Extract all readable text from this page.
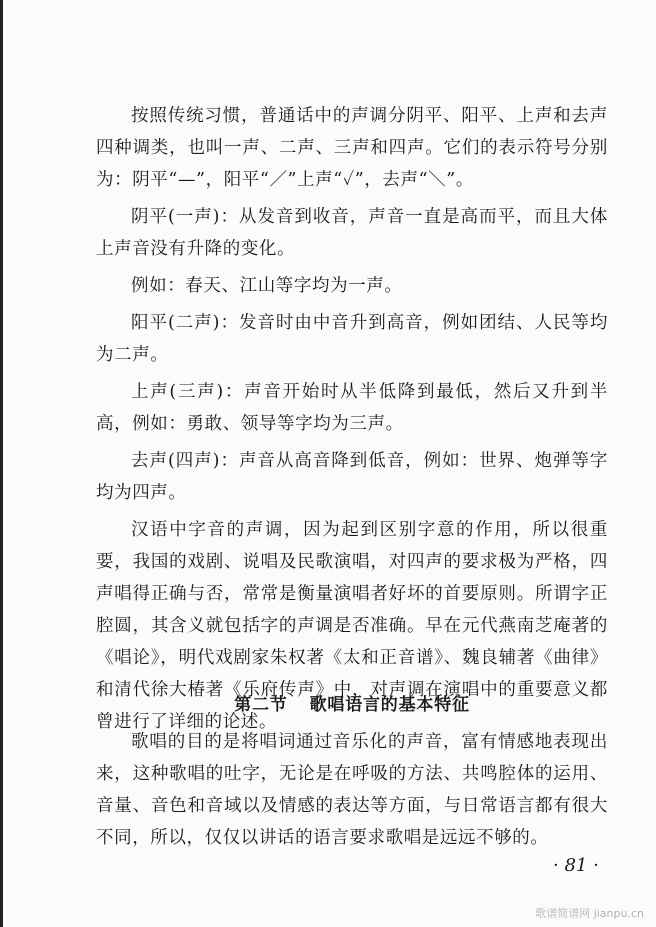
按照传统习惯，普通话中的声调分阴平、阳平、上声和去声四种调类，也叫一声、二声、三声和四声。它们的表示符号分别为：阴平“—”，阳平“／”上声“✓”，去声“＼”。

阴平(一声)：从发音到收音，声音一直是高而平，而且大体上声音没有升降的变化。

例如：春天、江山等字均为一声。

阳平(二声)：发音时由中音升到高音，例如团结、人民等均为二声。

上声(三声)：声音开始时从半低降到最低，然后又升到半高，例如：勇敢、领导等字均为三声。

去声(四声)：声音从高音降到低音，例如：世界、炮弹等字均为四声。

汉语中字音的声调，因为起到区别字意的作用，所以很重要，我国的戏剧、说唱及民歌演唱，对四声的要求极为严格，四声唱得正确与否，常常是衡量演唱者好坏的首要原则。所谓字正腔圆，其含义就包括字的声调是否准确。早在元代燕南芝庵著的《唱论》，明代戏剧家朱权著《太和正音谱》、魏良辅著《曲律》和清代徐大椿著《乐府传声》中，对声调在演唱中的重要意义都曾进行了详细的论述。

第二节 歌唱语言的基本特征

歌唱的目的是将唱词通过音乐化的声音，富有情感地表现出来，这种歌唱的吐字，无论是在呼吸的方法、共鸣腔体的运用、音量、音色和音域以及情感的表达等方面，与日常语言都有很大不同，所以，仅仅以讲话的语言要求歌唱是远远不够的。

· 81 ·
歌谱简谱网 jianpu.cn
